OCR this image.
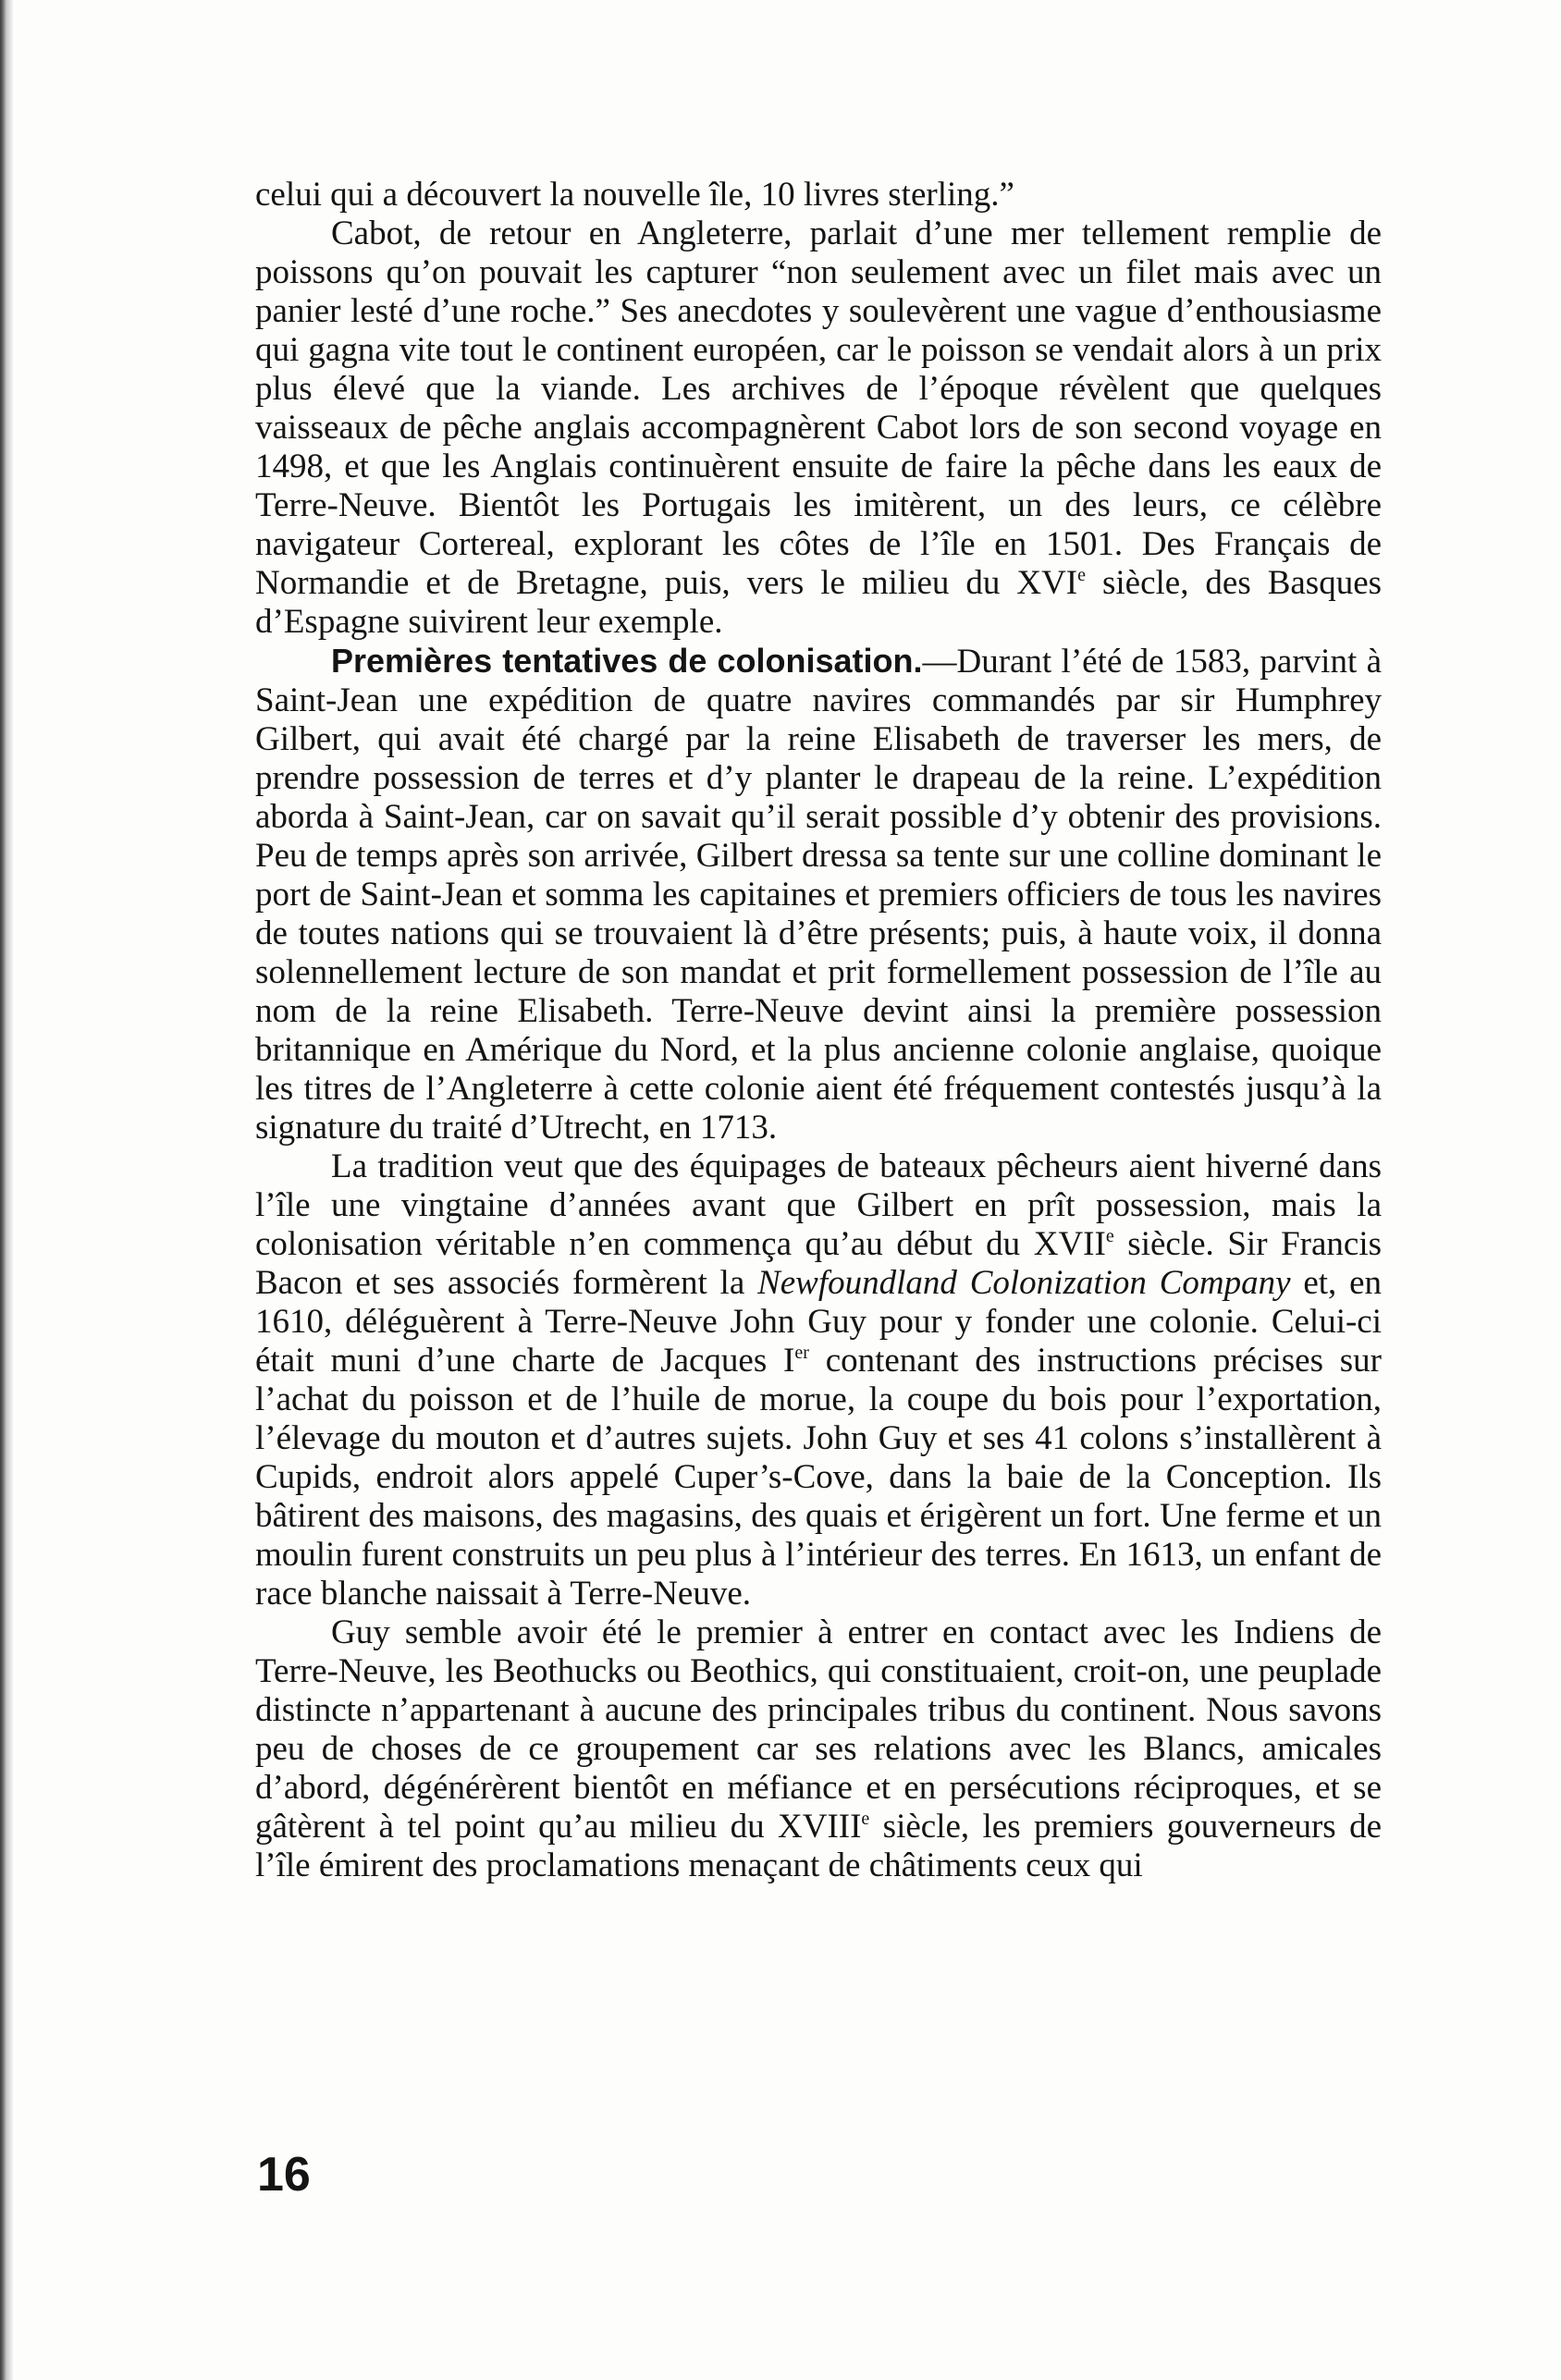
celui qui a découvert la nouvelle île, 10 livres sterling.”

Cabot, de retour en Angleterre, parlait d’une mer tellement remplie de poissons qu’on pouvait les capturer “non seulement avec un filet mais avec un panier lesté d’une roche.” Ses anecdotes y soulevèrent une vague d’enthousiasme qui gagna vite tout le continent européen, car le poisson se vendait alors à un prix plus élevé que la viande. Les archives de l’époque révèlent que quelques vaisseaux de pêche anglais accompagnèrent Cabot lors de son second voyage en 1498, et que les Anglais continuèrent ensuite de faire la pêche dans les eaux de Terre-Neuve. Bientôt les Portugais les imitèrent, un des leurs, ce célèbre navigateur Cortereal, explorant les côtes de l’île en 1501. Des Français de Normandie et de Bretagne, puis, vers le milieu du XVIe siècle, des Basques d’Espagne suivirent leur exemple.

Premières tentatives de colonisation.—Durant l’été de 1583, parvint à Saint-Jean une expédition de quatre navires commandés par sir Humphrey Gilbert, qui avait été chargé par la reine Elisabeth de traverser les mers, de prendre possession de terres et d’y planter le drapeau de la reine. L’expédition aborda à Saint-Jean, car on savait qu’il serait possible d’y obtenir des provisions. Peu de temps après son arrivée, Gilbert dressa sa tente sur une colline dominant le port de Saint-Jean et somma les capitaines et premiers officiers de tous les navires de toutes nations qui se trouvaient là d’être présents; puis, à haute voix, il donna solennellement lecture de son mandat et prit formellement possession de l’île au nom de la reine Elisabeth. Terre-Neuve devint ainsi la première possession britannique en Amérique du Nord, et la plus ancienne colonie anglaise, quoique les titres de l’Angleterre à cette colonie aient été fréquement contestés jusqu’à la signature du traité d’Utrecht, en 1713.

La tradition veut que des équipages de bateaux pêcheurs aient hiverné dans l’île une vingtaine d’années avant que Gilbert en prît possession, mais la colonisation véritable n’en commença qu’au début du XVIIe siècle. Sir Francis Bacon et ses associés formèrent la Newfoundland Colonization Company et, en 1610, déléguèrent à Terre-Neuve John Guy pour y fonder une colonie. Celui-ci était muni d’une charte de Jacques Ier contenant des instructions précises sur l’achat du poisson et de l’huile de morue, la coupe du bois pour l’exportation, l’élevage du mouton et d’autres sujets. John Guy et ses 41 colons s’installèrent à Cupids, endroit alors appelé Cuper’s-Cove, dans la baie de la Conception. Ils bâtirent des maisons, des magasins, des quais et érigèrent un fort. Une ferme et un moulin furent construits un peu plus à l’intérieur des terres. En 1613, un enfant de race blanche naissait à Terre-Neuve.

Guy semble avoir été le premier à entrer en contact avec les Indiens de Terre-Neuve, les Beothucks ou Beothics, qui constituaient, croit-on, une peuplade distincte n’appartenant à aucune des principales tribus du continent. Nous savons peu de choses de ce groupement car ses relations avec les Blancs, amicales d’abord, dégénérèrent bientôt en méfiance et en persécutions réciproques, et se gâtèrent à tel point qu’au milieu du XVIIIe siècle, les premiers gouverneurs de l’île émirent des proclamations menaçant de châtiments ceux qui

16
